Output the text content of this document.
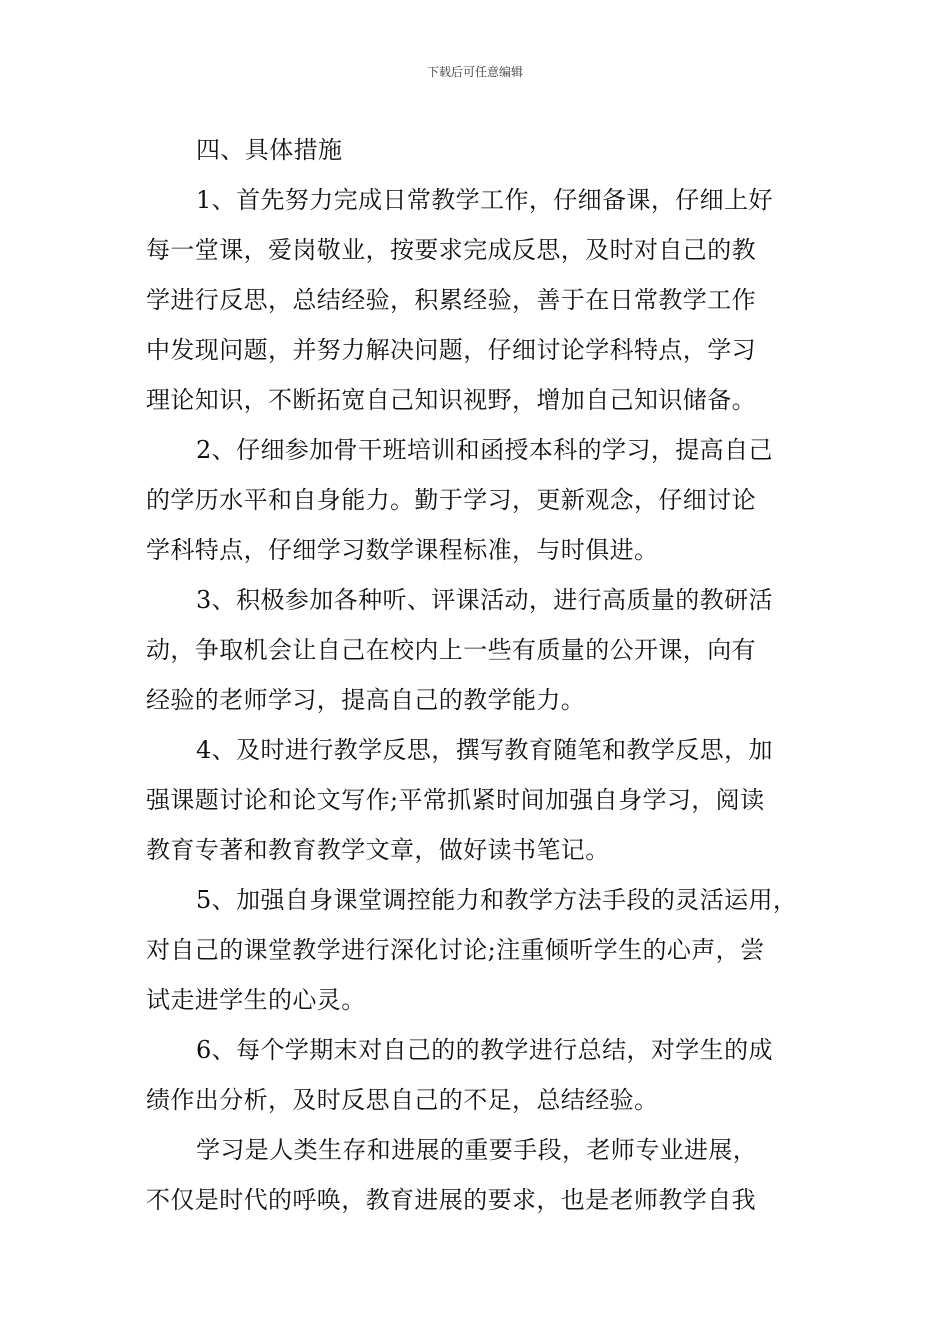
下载后可任意编辑
四、具体措施
1、首先努力完成日常教学工作，仔细备课，仔细上好
每一堂课，爱岗敬业，按要求完成反思，及时对自己的教
学进行反思，总结经验，积累经验，善于在日常教学工作
中发现问题，并努力解决问题，仔细讨论学科特点，学习
理论知识，不断拓宽自己知识视野，增加自己知识储备。
2、仔细参加骨干班培训和函授本科的学习，提高自己
的学历水平和自身能力。勤于学习，更新观念，仔细讨论
学科特点，仔细学习数学课程标准，与时俱进。
3、积极参加各种听、评课活动，进行高质量的教研活
动，争取机会让自己在校内上一些有质量的公开课，向有
经验的老师学习，提高自己的教学能力。
4、及时进行教学反思，撰写教育随笔和教学反思，加
强课题讨论和论文写作;平常抓紧时间加强自身学习，阅读
教育专著和教育教学文章，做好读书笔记。
5、加强自身课堂调控能力和教学方法手段的灵活运用，
对自己的课堂教学进行深化讨论;注重倾听学生的心声，尝
试走进学生的心灵。
6、每个学期末对自己的的教学进行总结，对学生的成
绩作出分析，及时反思自己的不足，总结经验。
学习是人类生存和进展的重要手段，老师专业进展，
不仅是时代的呼唤，教育进展的要求，也是老师教学自我
